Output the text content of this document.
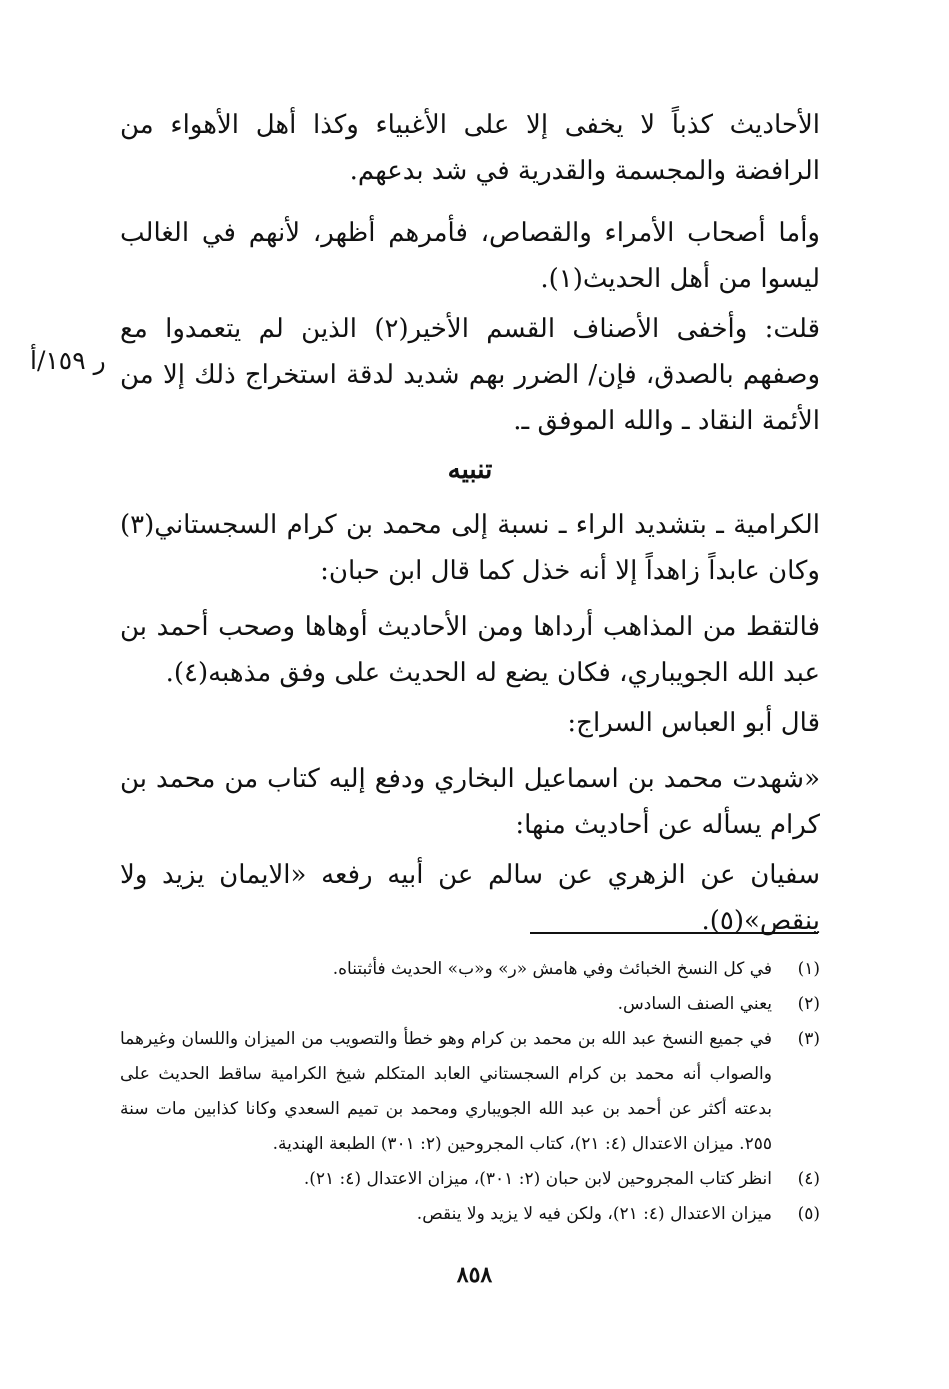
الأحاديث كذباً لا يخفى إلا على الأغبياء وكذا أهل الأهواء من الرافضة والمجسمة والقدرية في شد بدعهم.

وأما أصحاب الأمراء والقصاص، فأمرهم أظهر، لأنهم في الغالب ليسوا من أهل الحديث(١).

قلت: وأخفى الأصناف القسم الأخير(٢) الذين لم يتعمدوا مع وصفهم بالصدق، فإن/ الضرر بهم شديد لدقة استخراج ذلك إلا من الأئمة النقاد ـ والله الموفق ـ.

ر ١٥٩/أ
تنبيه

الكرامية ـ بتشديد الراء ـ نسبة إلى محمد بن كرام السجستاني(٣) وكان عابداً زاهداً إلا أنه خذل كما قال ابن حبان:

فالتقط من المذاهب أرداها ومن الأحاديث أوهاها وصحب أحمد بن عبد الله الجويباري، فكان يضع له الحديث على وفق مذهبه(٤).

قال أبو العباس السراج:

«شهدت محمد بن اسماعيل البخاري ودفع إليه كتاب من محمد بن كرام يسأله عن أحاديث منها:

سفيان عن الزهري عن سالم عن أبيه رفعه «الايمان يزيد ولا ينقص»(٥).

(١)
في كل النسخ الخبائث وفي هامش «ر» و«ب» الحديث فأثبتناه.
(٢)
يعني الصنف السادس.
(٣)
في جميع النسخ عبد الله بن محمد بن كرام وهو خطأ والتصويب من الميزان واللسان وغيرهما والصواب أنه محمد بن كرام السجستاني العابد المتكلم شيخ الكرامية ساقط الحديث على بدعته أكثر عن أحمد بن عبد الله الجويباري ومحمد بن تميم السعدي وكانا كذابين مات سنة ٢٥٥. ميزان الاعتدال (٤: ٢١)، كتاب المجروحين (٢: ٣٠١) الطبعة الهندية.
(٤)
انظر كتاب المجروحين لابن حبان (٢: ٣٠١)، ميزان الاعتدال (٤: ٢١).
(٥)
ميزان الاعتدال (٤: ٢١)، ولكن فيه لا يزيد ولا ينقص.
٨٥٨
